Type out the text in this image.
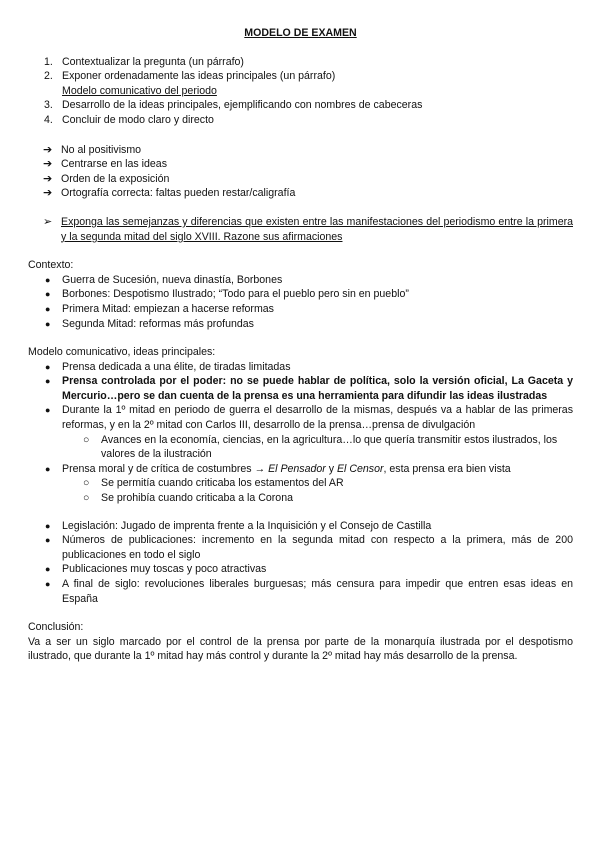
MODELO DE EXAMEN
1. Contextualizar la pregunta (un párrafo)
2. Exponer ordenadamente las ideas principales (un párrafo)
Modelo comunicativo del periodo
3. Desarrollo de la ideas principales, ejemplificando con nombres de cabeceras
4. Concluir de modo claro y directo
➔ No al positivismo
➔ Centrarse en las ideas
➔ Orden de la exposición
➔ Ortografía correcta: faltas pueden restar/caligrafía
➢ Exponga las semejanzas y diferencias que existen entre las manifestaciones del periodismo entre la primera y la segunda mitad del siglo XVIII. Razone sus afirmaciones
Contexto:
● Guerra de Sucesión, nueva dinastía, Borbones
● Borbones: Despotismo Ilustrado; “Todo para el pueblo pero sin en pueblo”
● Primera Mitad: empiezan a hacerse reformas
● Segunda Mitad: reformas más profundas
Modelo comunicativo, ideas principales:
● Prensa dedicada a una élite, de tiradas limitadas
● Prensa controlada por el poder: no se puede hablar de política, solo la versión oficial, La Gaceta y Mercurio…pero se dan cuenta de la prensa es una herramienta para difundir las ideas ilustradas
● Durante la 1º mitad en periodo de guerra el desarrollo de la mismas, después va a hablar de las primeras reformas, y en la 2º mitad con Carlos III, desarrollo de la prensa…prensa de divulgación
○ Avances en la economía, ciencias, en la agricultura…lo que quería transmitir estos ilustrados, los valores de la ilustración
● Prensa moral y de crítica de costumbres → El Pensador y El Censor, esta prensa era bien vista
○ Se permitía cuando criticaba los estamentos del AR
○ Se prohibía cuando criticaba a la Corona
● Legislación: Jugado de imprenta frente a la Inquisición y el Consejo de Castilla
● Números de publicaciones: incremento en la segunda mitad con respecto a la primera, más de 200 publicaciones en todo el siglo
● Publicaciones muy toscas y poco atractivas
● A final de siglo: revoluciones liberales burguesas; más censura para impedir que entren esas ideas en España
Conclusión:
Va a ser un siglo marcado por el control de la prensa por parte de la monarquía ilustrada por el despotismo ilustrado, que durante la 1º mitad hay más control y durante la 2º mitad hay más desarrollo de la prensa.
